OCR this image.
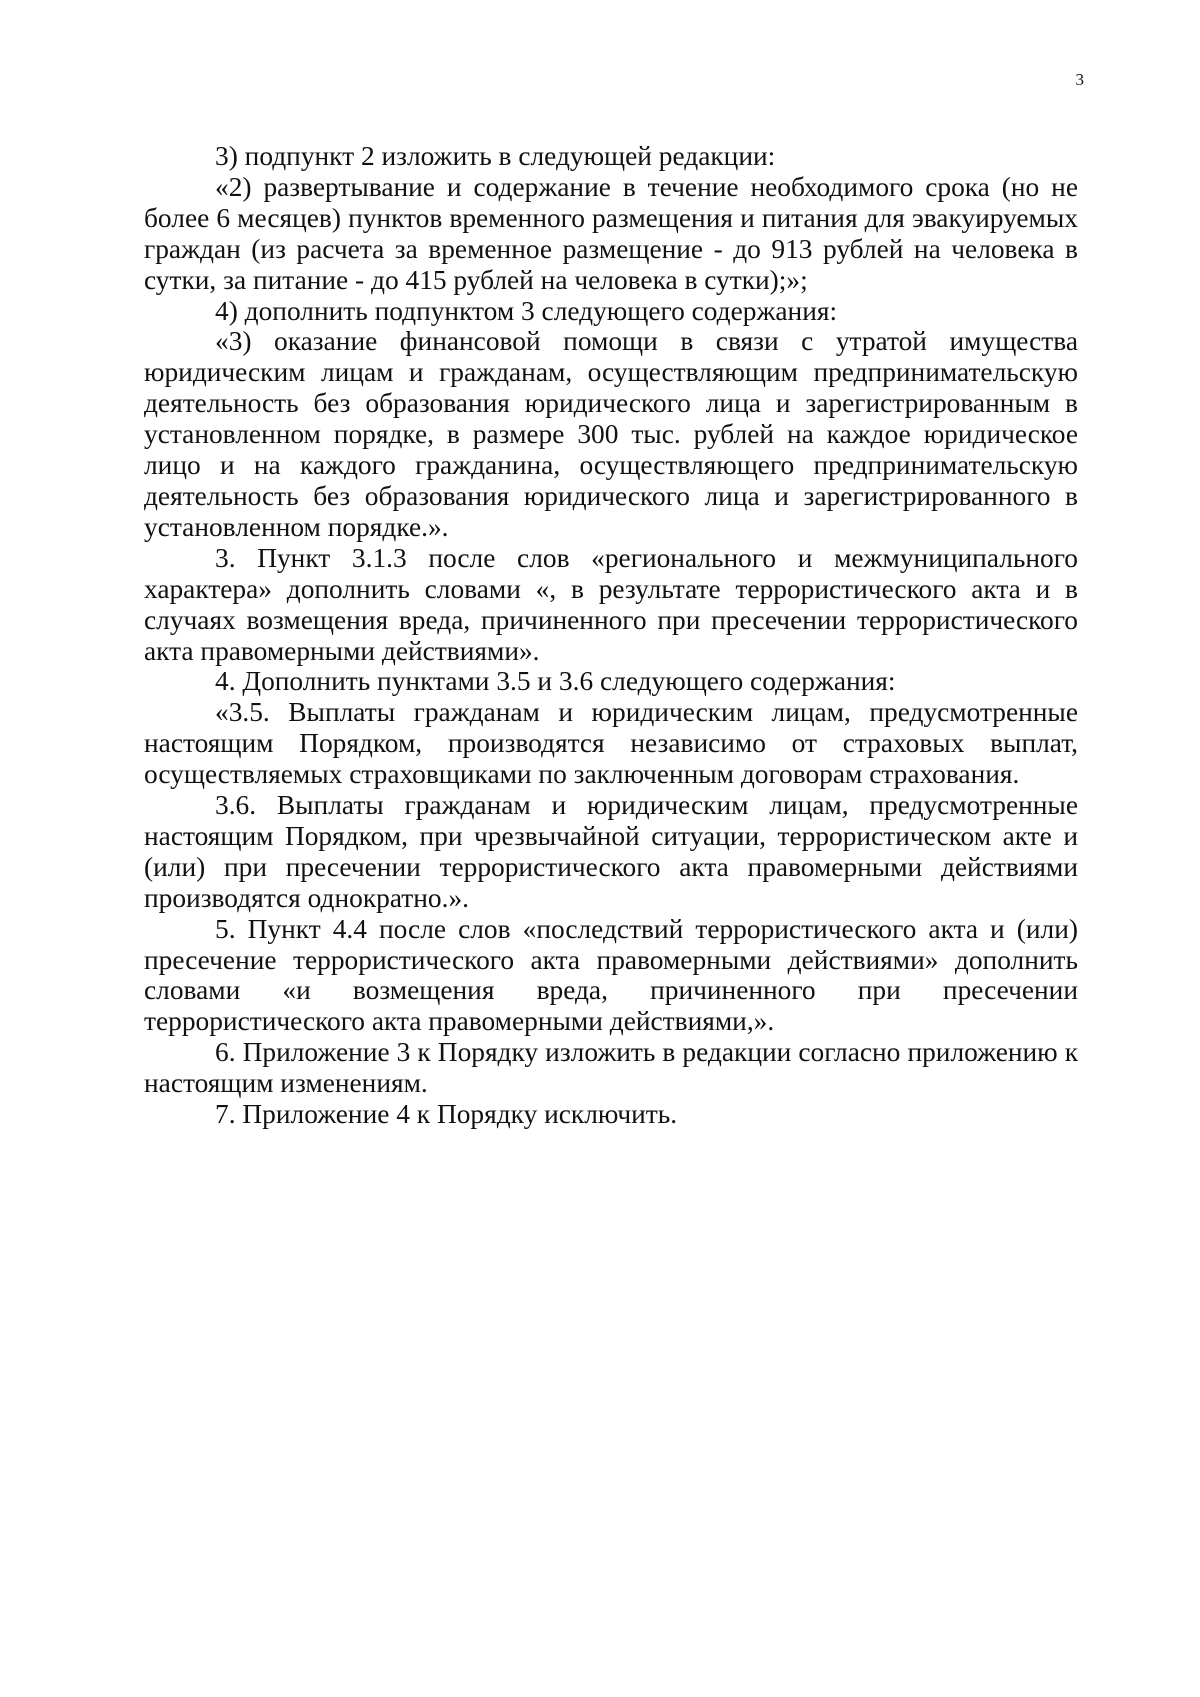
3

3) подпункт 2 изложить в следующей редакции:

«2) развертывание и содержание в течение необходимого срока (но не более 6 месяцев) пунктов временного размещения и питания для эвакуируемых граждан (из расчета за временное размещение - до 913 рублей на человека в сутки, за питание - до 415 рублей на человека в сутки);»;

4) дополнить подпунктом 3 следующего содержания:

«3) оказание финансовой помощи в связи с утратой имущества юридическим лицам и гражданам, осуществляющим предпринимательскую деятельность без образования юридического лица и зарегистрированным в установленном порядке, в размере 300 тыс. рублей на каждое юридическое лицо и на каждого гражданина, осуществляющего предпринимательскую деятельность без образования юридического лица и зарегистрированного в установленном порядке.».

3. Пункт 3.1.3 после слов «регионального и межмуниципального характера» дополнить словами «, в результате террористического акта и в случаях возмещения вреда, причиненного при пресечении террористического акта правомерными действиями».

4. Дополнить пунктами 3.5 и 3.6 следующего содержания:

«3.5. Выплаты гражданам и юридическим лицам, предусмотренные настоящим Порядком, производятся независимо от страховых выплат, осуществляемых страховщиками по заключенным договорам страхования.

3.6. Выплаты гражданам и юридическим лицам, предусмотренные настоящим Порядком, при чрезвычайной ситуации, террористическом акте и (или) при пресечении террористического акта правомерными действиями производятся однократно.».

5. Пункт 4.4 после слов «последствий террористического акта и (или) пресечение террористического акта правомерными действиями» дополнить словами «и возмещения вреда, причиненного при пресечении террористического акта правомерными действиями,».

6. Приложение 3 к Порядку изложить в редакции согласно приложению к настоящим изменениям.

7. Приложение 4 к Порядку исключить.
